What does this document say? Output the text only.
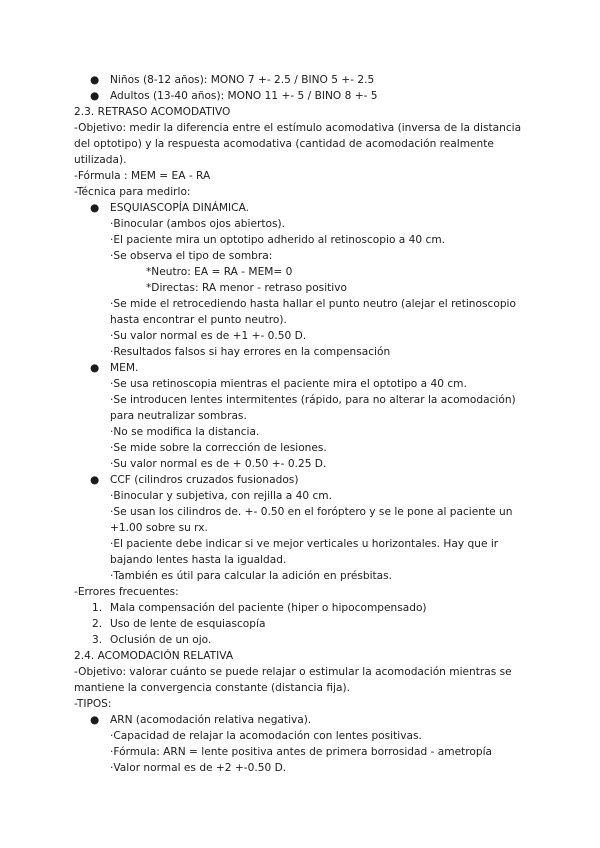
● Niños (8-12 años): MONO 7 +- 2.5 / BINO 5 +- 2.5

● Adultos (13-40 años): MONO 11 +- 5 / BINO 8 +- 5

2.3. RETRASO ACOMODATIVO

-Objetivo: medir la diferencia entre el estímulo acomodativa (inversa de la distancia del optotipo) y la respuesta acomodativa (cantidad de acomodación realmente utilizada).

-Fórmula : MEM = EA - RA

-Técnica para medirlo:

● ESQUIASCOPÍA DINÁMICA.

·Binocular (ambos ojos abiertos).

·El paciente mira un optotipo adherido al retinoscopio a 40 cm.

·Se observa el tipo de sombra:

*Neutro: EA = RA - MEM= 0

*Directas: RA menor - retraso positivo

·Se mide el retrocediendo hasta hallar el punto neutro (alejar el retinoscopio hasta encontrar el punto neutro).

·Su valor normal es de +1 +- 0.50 D.

·Resultados falsos si hay errores en la compensación

● MEM.

·Se usa retinoscopia mientras el paciente mira el optotipo a 40 cm.

·Se introducen lentes intermitentes (rápido, para no alterar la acomodación) para neutralizar sombras.

·No se modifica la distancia.

·Se mide sobre la corrección de lesiones.

·Su valor normal es de + 0.50 +- 0.25 D.

● CCF (cilindros cruzados fusionados)

·Binocular y subjetiva, con rejilla a 40 cm.

·Se usan los cilindros de. +- 0.50 en el foróptero y se le pone al paciente un +1.00 sobre su rx.

·El paciente debe indicar si ve mejor verticales u horizontales. Hay que ir bajando lentes hasta la igualdad.

·También es útil para calcular la adición en présbitas.

-Errores frecuentes:

1. Mala compensación del paciente (hiper o hipocompensado)

2. Uso de lente de esquiascopía

3. Oclusión de un ojo.

2.4. ACOMODACIÓN RELATIVA

-Objetivo: valorar cuánto se puede relajar o estimular la acomodación mientras se mantiene la convergencia constante (distancia fija).

-TIPOS:

● ARN (acomodación relativa negativa).

·Capacidad de relajar la acomodación con lentes positivas.

·Fórmula: ARN = lente positiva antes de primera borrosidad - ametropía

·Valor normal es de +2 +-0.50 D.
